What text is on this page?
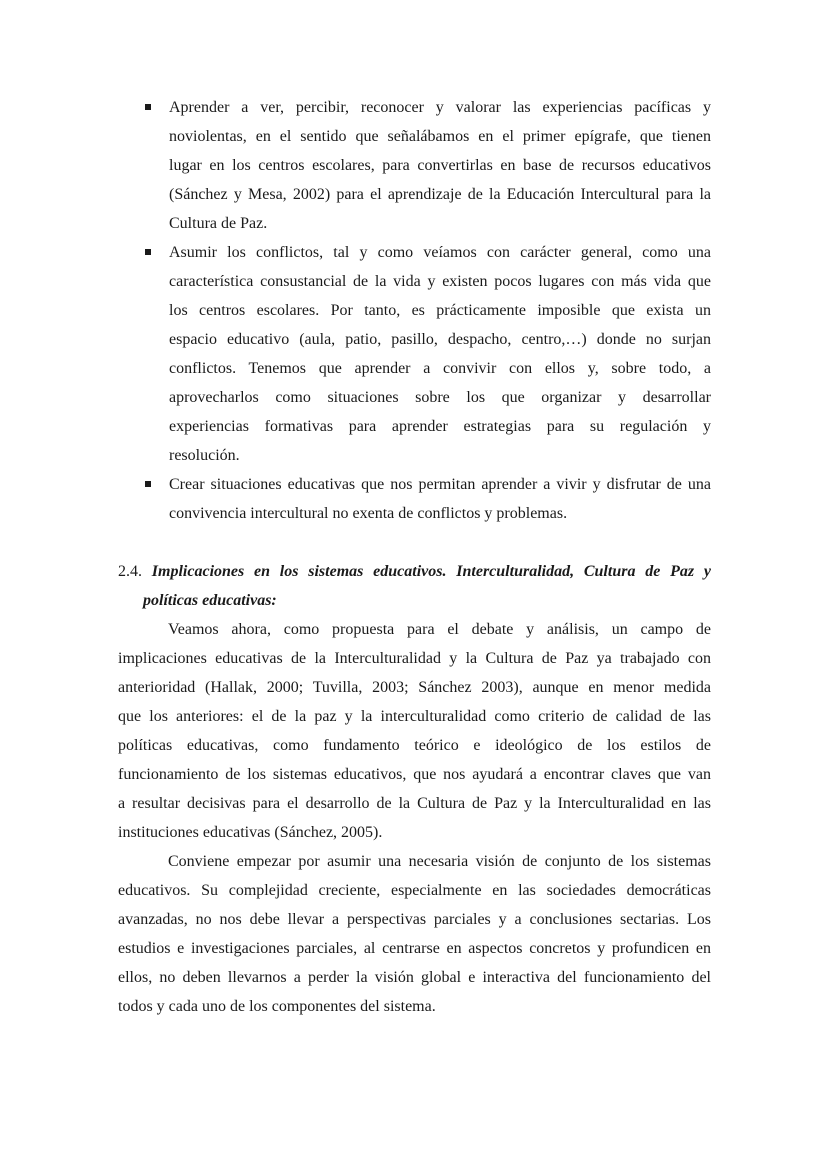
Aprender a ver, percibir, reconocer y valorar las experiencias pacíficas y
noviolentas, en el sentido que señalábamos en el primer epígrafe, que tienen
lugar en los centros escolares, para convertirlas en base de recursos educativos
(Sánchez y Mesa, 2002) para el aprendizaje de la Educación Intercultural para la
Cultura de Paz.
Asumir los conflictos, tal y como veíamos con carácter general, como una
característica consustancial de la vida y existen pocos lugares con más vida que
los centros escolares. Por tanto, es prácticamente imposible que exista un
espacio educativo (aula, patio, pasillo, despacho, centro,…) donde no surjan
conflictos. Tenemos que aprender a convivir con ellos y, sobre todo, a
aprovecharlos como situaciones sobre los que organizar y desarrollar
experiencias formativas para aprender estrategias para su regulación y
resolución.
Crear situaciones educativas que nos permitan aprender a vivir y disfrutar de una
convivencia intercultural no exenta de conflictos y problemas.
2.4. Implicaciones en los sistemas educativos. Interculturalidad, Cultura de Paz y
políticas educativas:
Veamos ahora, como propuesta para el debate y análisis, un campo de
implicaciones educativas de la Interculturalidad y la Cultura de Paz ya trabajado con
anterioridad (Hallak, 2000; Tuvilla, 2003; Sánchez 2003), aunque en menor medida
que los anteriores: el de la paz y la interculturalidad como criterio de calidad de las
políticas educativas, como fundamento teórico e ideológico de los estilos de
funcionamiento de los sistemas educativos, que nos ayudará a encontrar claves que van
a resultar decisivas para el desarrollo de la Cultura de Paz y la Interculturalidad en las
instituciones educativas (Sánchez, 2005).
Conviene empezar por asumir una necesaria visión de conjunto de los sistemas
educativos. Su complejidad creciente, especialmente en las sociedades democráticas
avanzadas, no nos debe llevar a perspectivas parciales y a conclusiones sectarias. Los
estudios e investigaciones parciales, al centrarse en aspectos concretos y profundicen en
ellos, no deben llevarnos a perder la visión global e interactiva del funcionamiento del
todos y cada uno de los componentes del sistema.
